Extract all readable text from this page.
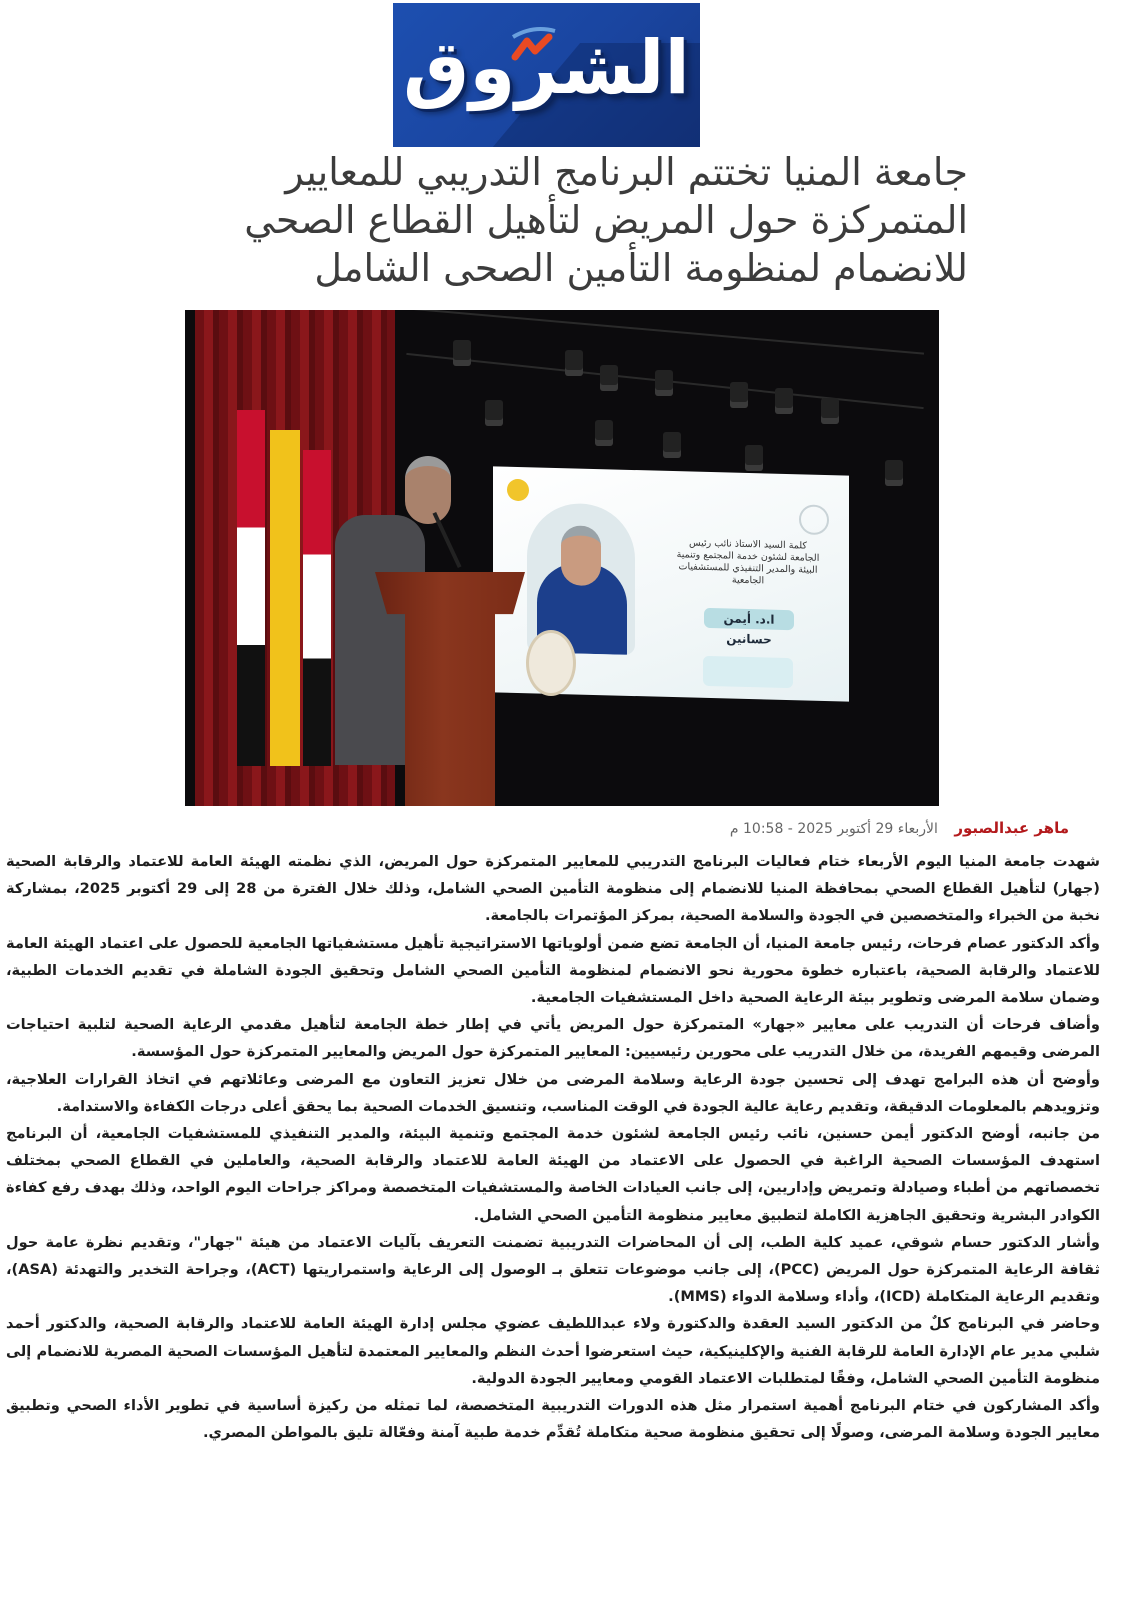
الشروق
جامعة المنيا تختتم البرنامج التدريبي للمعايير المتمركزة حول المريض لتأهيل القطاع الصحي للانضمام لمنظومة التأمين الصحى الشامل
كلمة السيد الاستاذ نائب رئيس الجامعة لشئون خدمة المجتمع وتنمية البيئة والمدير التنفيذي للمستشفيات الجامعية
ا.د. أيمن حسانين
ماهر عبدالصبور الأربعاء 29 أكتوبر 2025 - 10:58 م

شهدت جامعة المنيا اليوم الأربعاء ختام فعاليات البرنامج التدريبي للمعايير المتمركزة حول المريض، الذي نظمته الهيئة العامة للاعتماد والرقابة الصحية (جهار) لتأهيل القطاع الصحي بمحافظة المنيا للانضمام إلى منظومة التأمين الصحي الشامل، وذلك خلال الفترة من 28 إلى 29 أكتوبر 2025، بمشاركة نخبة من الخبراء والمتخصصين في الجودة والسلامة الصحية، بمركز المؤتمرات بالجامعة.

وأكد الدكتور عصام فرحات، رئيس جامعة المنيا، أن الجامعة تضع ضمن أولوياتها الاستراتيجية تأهيل مستشفياتها الجامعية للحصول على اعتماد الهيئة العامة للاعتماد والرقابة الصحية، باعتباره خطوة محورية نحو الانضمام لمنظومة التأمين الصحي الشامل وتحقيق الجودة الشاملة في تقديم الخدمات الطبية، وضمان سلامة المرضى وتطوير بيئة الرعاية الصحية داخل المستشفيات الجامعية.

وأضاف فرحات أن التدريب على معايير «جهار» المتمركزة حول المريض يأتي في إطار خطة الجامعة لتأهيل مقدمي الرعاية الصحية لتلبية احتياجات المرضى وقيمهم الفريدة، من خلال التدريب على محورين رئيسيين: المعايير المتمركزة حول المريض والمعايير المتمركزة حول المؤسسة.

وأوضح أن هذه البرامج تهدف إلى تحسين جودة الرعاية وسلامة المرضى من خلال تعزيز التعاون مع المرضى وعائلاتهم في اتخاذ القرارات العلاجية، وتزويدهم بالمعلومات الدقيقة، وتقديم رعاية عالية الجودة في الوقت المناسب، وتنسيق الخدمات الصحية بما يحقق أعلى درجات الكفاءة والاستدامة.

من جانبه، أوضح الدكتور أيمن حسنين، نائب رئيس الجامعة لشئون خدمة المجتمع وتنمية البيئة، والمدير التنفيذي للمستشفيات الجامعية، أن البرنامج استهدف المؤسسات الصحية الراغبة في الحصول على الاعتماد من الهيئة العامة للاعتماد والرقابة الصحية، والعاملين في القطاع الصحي بمختلف تخصصاتهم من أطباء وصيادلة وتمريض وإداريين، إلى جانب العيادات الخاصة والمستشفيات المتخصصة ومراكز جراحات اليوم الواحد، وذلك بهدف رفع كفاءة الكوادر البشرية وتحقيق الجاهزية الكاملة لتطبيق معايير منظومة التأمين الصحي الشامل.

وأشار الدكتور حسام شوقي، عميد كلية الطب، إلى أن المحاضرات التدريبية تضمنت التعريف بآليات الاعتماد من هيئة "جهار"، وتقديم نظرة عامة حول ثقافة الرعاية المتمركزة حول المريض (PCC)، إلى جانب موضوعات تتعلق بـ الوصول إلى الرعاية واستمراريتها (ACT)، وجراحة التخدير والتهدئة (ASA)، وتقديم الرعاية المتكاملة (ICD)، وأداء وسلامة الدواء (MMS).

وحاضر في البرنامج كلٌ من الدكتور السيد العقدة والدكتورة ولاء عبداللطيف عضوي مجلس إدارة الهيئة العامة للاعتماد والرقابة الصحية، والدكتور أحمد شلبي مدير عام الإدارة العامة للرقابة الفنية والإكلينيكية، حيث استعرضوا أحدث النظم والمعايير المعتمدة لتأهيل المؤسسات الصحية المصرية للانضمام إلى منظومة التأمين الصحي الشامل، وفقًا لمتطلبات الاعتماد القومي ومعايير الجودة الدولية.

وأكد المشاركون في ختام البرنامج أهمية استمرار مثل هذه الدورات التدريبية المتخصصة، لما تمثله من ركيزة أساسية في تطوير الأداء الصحي وتطبيق معايير الجودة وسلامة المرضى، وصولًا إلى تحقيق منظومة صحية متكاملة تُقدِّم خدمة طبية آمنة وفعّالة تليق بالمواطن المصري.
